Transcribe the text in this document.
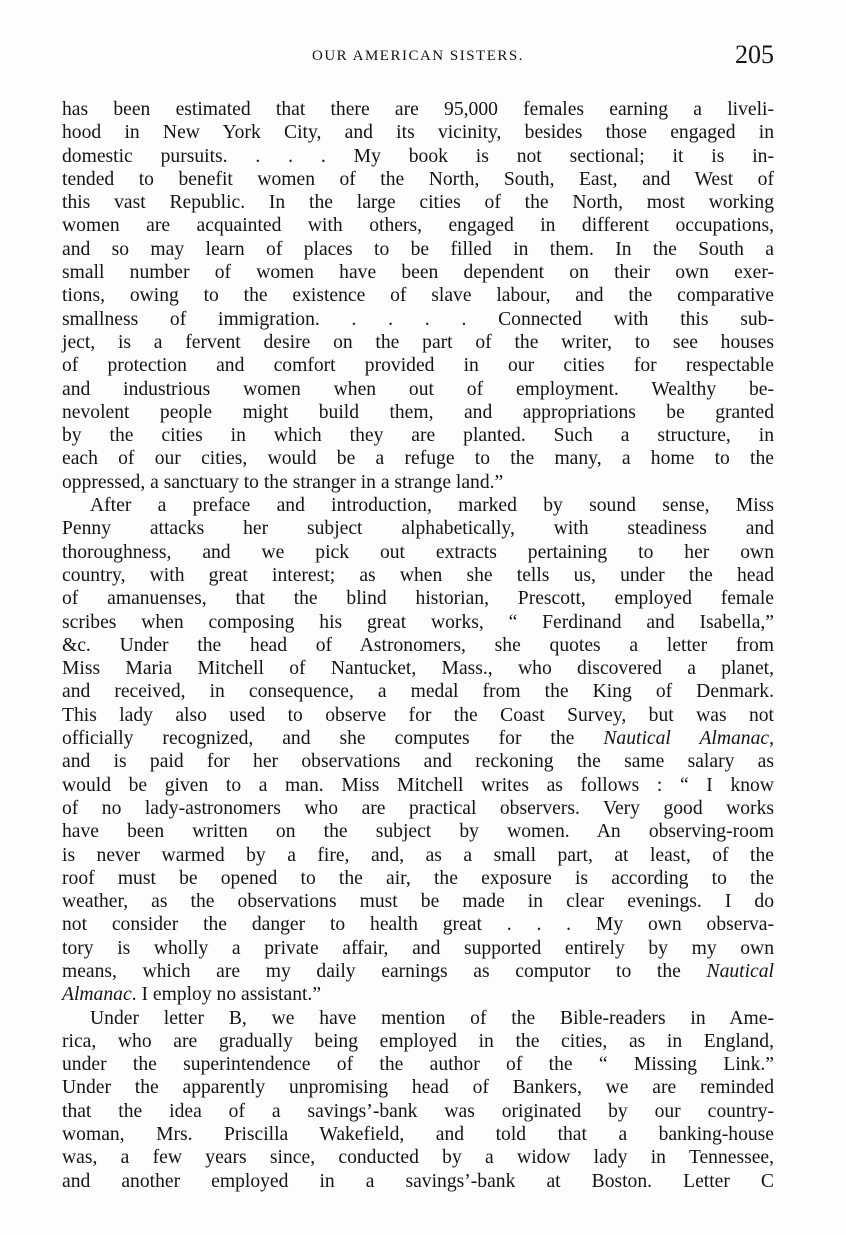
OUR AMERICAN SISTERS.	205
has been estimated that there are 95,000 females earning a liveli-
hood in New York City, and its vicinity, besides those engaged in
domestic pursuits. . . . My book is not sectional; it is in-
tended to benefit women of the North, South, East, and West of
this vast Republic. In the large cities of the North, most working
women are acquainted with others, engaged in different occupations,
and so may learn of places to be filled in them. In the South a
small number of women have been dependent on their own exer-
tions, owing to the existence of slave labour, and the comparative
smallness of immigration. . . . . Connected with this sub-
ject, is a fervent desire on the part of the writer, to see houses
of protection and comfort provided in our cities for respectable
and industrious women when out of employment. Wealthy be-
nevolent people might build them, and appropriations be granted
by the cities in which they are planted. Such a structure, in
each of our cities, would be a refuge to the many, a home to the
oppressed, a sanctuary to the stranger in a strange land.”
After a preface and introduction, marked by sound sense, Miss
Penny attacks her subject alphabetically, with steadiness and
thoroughness, and we pick out extracts pertaining to her own
country, with great interest; as when she tells us, under the head
of amanuenses, that the blind historian, Prescott, employed female
scribes when composing his great works, “ Ferdinand and Isabella,”
&c. Under the head of Astronomers, she quotes a letter from
Miss Maria Mitchell of Nantucket, Mass., who discovered a planet,
and received, in consequence, a medal from the King of Denmark.
This lady also used to observe for the Coast Survey, but was not
officially recognized, and she computes for the Nautical Almanac,
and is paid for her observations and reckoning the same salary as
would be given to a man. Miss Mitchell writes as follows : “ I know
of no lady-astronomers who are practical observers. Very good works
have been written on the subject by women. An observing-room
is never warmed by a fire, and, as a small part, at least, of the
roof must be opened to the air, the exposure is according to the
weather, as the observations must be made in clear evenings. I do
not consider the danger to health great . . . My own observa-
tory is wholly a private affair, and supported entirely by my own
means, which are my daily earnings as computor to the Nautical
Almanac. I employ no assistant.”
Under letter B, we have mention of the Bible-readers in Ame-
rica, who are gradually being employed in the cities, as in England,
under the superintendence of the author of the “ Missing Link.”
Under the apparently unpromising head of Bankers, we are reminded
that the idea of a savings’-bank was originated by our country-
woman, Mrs. Priscilla Wakefield, and told that a banking-house
was, a few years since, conducted by a widow lady in Tennessee,
and another employed in a savings’-bank at Boston. Letter C
